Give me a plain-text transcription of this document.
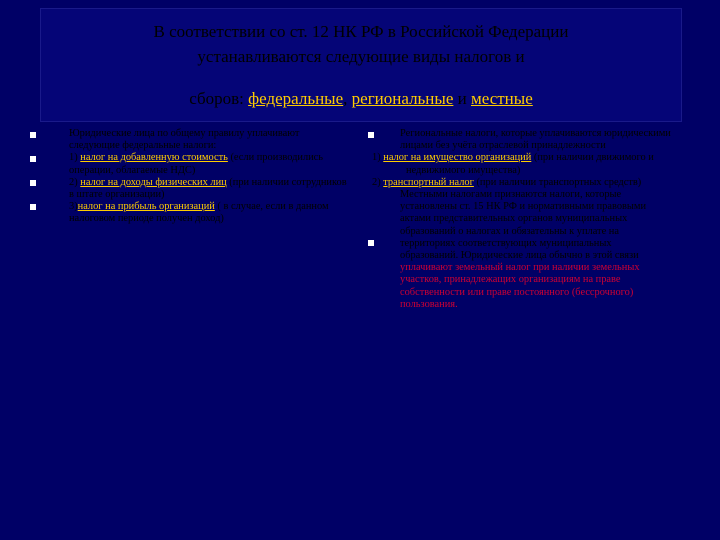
В соответствии со ст. 12 НК РФ в Российской Федерации
устанавливаются следующие виды налогов и
сборов: федеральные, региональные и местные

Юридические лица по общему правилу уплачивают следующие федеральные налоги:

1) налог на добавленную стоимость (если производились операции, облагаемые НДС)

2) налог на доходы физических лиц (при наличии сотрудников в штате организации)

3)налог на прибыль организаций ( в случае, если в данном налоговом периоде получен доход)

Региональные налоги, которые уплачиваются юридическими лицами без учёта отраслевой принадлежности

1) налог на имущество организаций (при наличии движимого и недвижимого имущества)

2) транспортный налог (при наличии транспортных средств)

Местными налогами признаются налоги, которые установлены ст. 15 НК РФ и нормативными правовыми актами представительных органов муниципальных образований о налогах и обязательны к уплате на территориях соответствующих муниципальных образований. Юридические лица обычно в этой связи уплачивают земельный налог при наличии земельных участков, принадлежащих организациям на праве собственности или праве постоянного (бессрочного) пользования.
